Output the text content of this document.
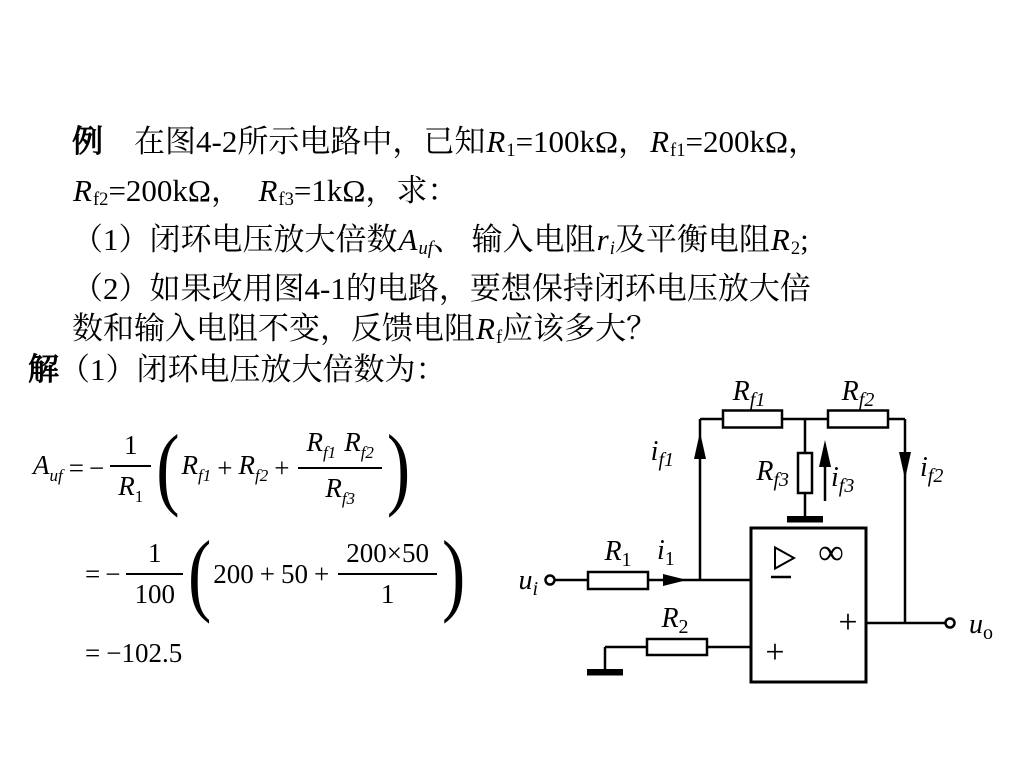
例　在图4-2所示电路中，已知R1=100kΩ，Rf1=200kΩ，
Rf2=200kΩ，　 Rf3=1kΩ，求：
（1）闭环电压放大倍数Auf、 输入电阻ri及平衡电阻R2;
（2）如果改用图4-1的电路，要想保持闭环电压放大倍
数和输入电阻不变，反馈电阻Rf应该多大？
解（1）闭环电压放大倍数为：
$A_{uf}$ = − $\frac{1}{R_1}$ ( $R_{f1} + R_{f2} + \frac{R_{f1} R_{f2}}{R_{f3}}$ )
= − $\frac{1}{100}$ ( $200 + 50 + \frac{200\times 50}{1}$ )
= −102.5
∞
+
+
$R_{f1}$	$R_{f2}$
$R_{f3}$
$i_{f1}$	$i_{f2}$
$i_{f3}$
$R_1$ $i_1$
$R_2$
$u_i$
$u_o$
